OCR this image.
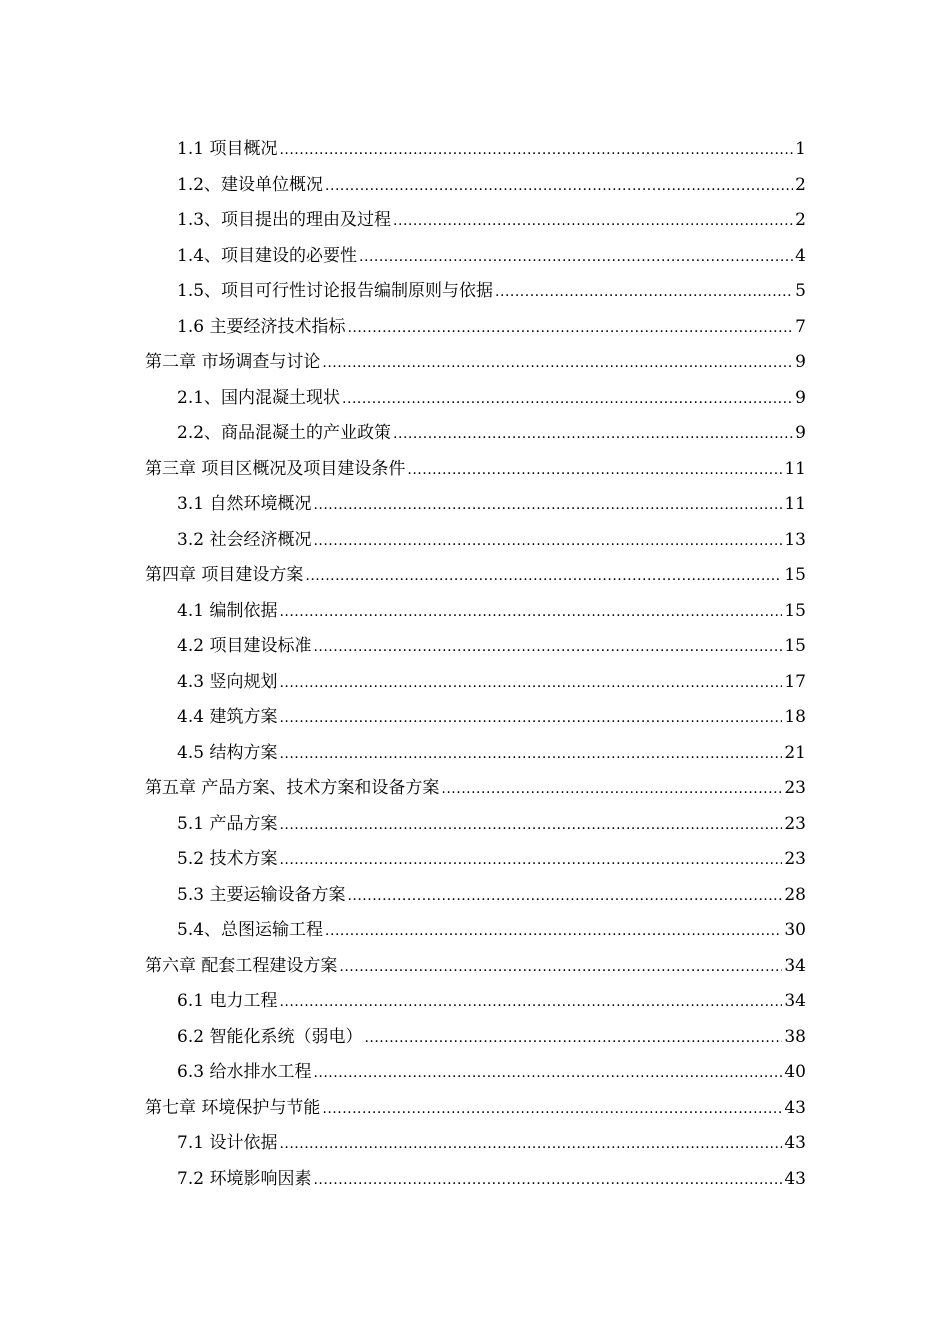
1.1 项目概况 .....	1
1.2、建设单位概况 .....	2
1.3、项目提出的理由及过程 .....	2
1.4、项目建设的必要性 .....	4
1.5、项目可行性讨论报告编制原则与依据 .....	5
1.6 主要经济技术指标 .....	7
第二章 市场调查与讨论 .....	9
2.1、国内混凝土现状 .....	9
2.2、商品混凝土的产业政策 .....	9
第三章 项目区概况及项目建设条件 .....	11
3.1 自然环境概况 .....	11
3.2 社会经济概况 .....	13
第四章 项目建设方案 .....	15
4.1 编制依据 .....	15
4.2 项目建设标准 .....	15
4.3 竖向规划 .....	17
4.4 建筑方案 .....	18
4.5 结构方案 .....	21
第五章 产品方案、技术方案和设备方案 .....	23
5.1 产品方案 .....	23
5.2 技术方案 .....	23
5.3 主要运输设备方案 .....	28
5.4、总图运输工程 .....	30
第六章 配套工程建设方案 .....	34
6.1 电力工程 .....	34
6.2 智能化系统（弱电） .....	38
6.3 给水排水工程 .....	40
第七章 环境保护与节能 .....	43
7.1 设计依据 .....	43
7.2 环境影响因素 .....	43
